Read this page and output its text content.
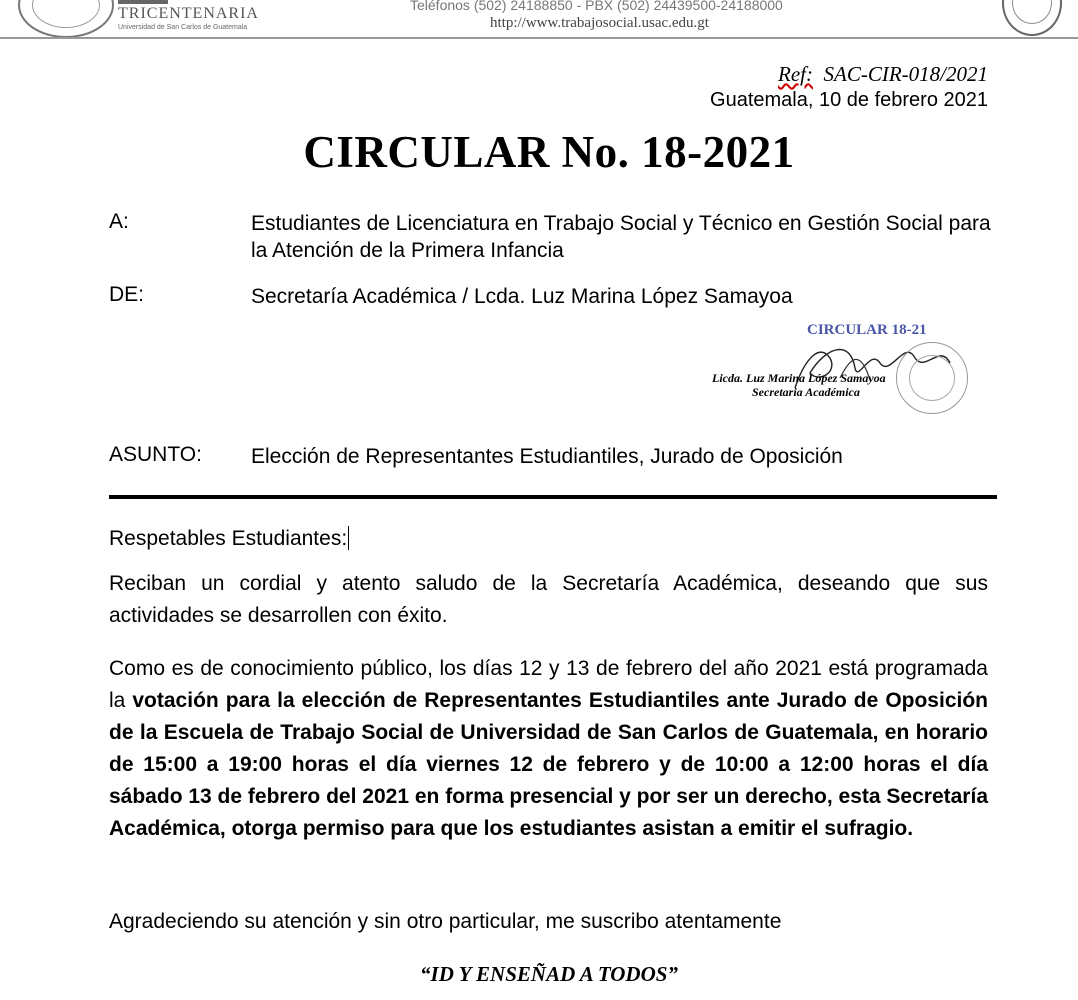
TRICENTENARIA
Universidad de San Carlos de Guatemala
Teléfonos (502) 24188850 - PBX (502) 24439500-24188000
http://www.trabajosocial.usac.edu.gt
Ref: SAC-CIR-018/2021
Guatemala, 10 de febrero 2021
CIRCULAR No. 18-2021
A:	Estudiantes de Licenciatura en Trabajo Social y Técnico en Gestión Social para la Atención de la Primera Infancia
DE:	Secretaría Académica / Lcda. Luz Marina López Samayoa
CIRCULAR 18-21
Licda. Luz Marina López Samayoa
Secretaria Académica
ASUNTO: Elección de Representantes Estudiantiles, Jurado de Oposición
Respetables Estudiantes:
Reciban un cordial y atento saludo de la Secretaría Académica, deseando que sus actividades se desarrollen con éxito.
Como es de conocimiento público, los días 12 y 13 de febrero del año 2021 está programada la votación para la elección de Representantes Estudiantiles ante Jurado de Oposición de la Escuela de Trabajo Social de Universidad de San Carlos de Guatemala, en horario de 15:00 a 19:00 horas el día viernes 12 de febrero y de 10:00 a 12:00 horas el día sábado 13 de febrero del 2021 en forma presencial y por ser un derecho, esta Secretaría Académica, otorga permiso para que los estudiantes asistan a emitir el sufragio.
Agradeciendo su atención y sin otro particular, me suscribo atentamente
“ID Y ENSEÑAD A TODOS”
